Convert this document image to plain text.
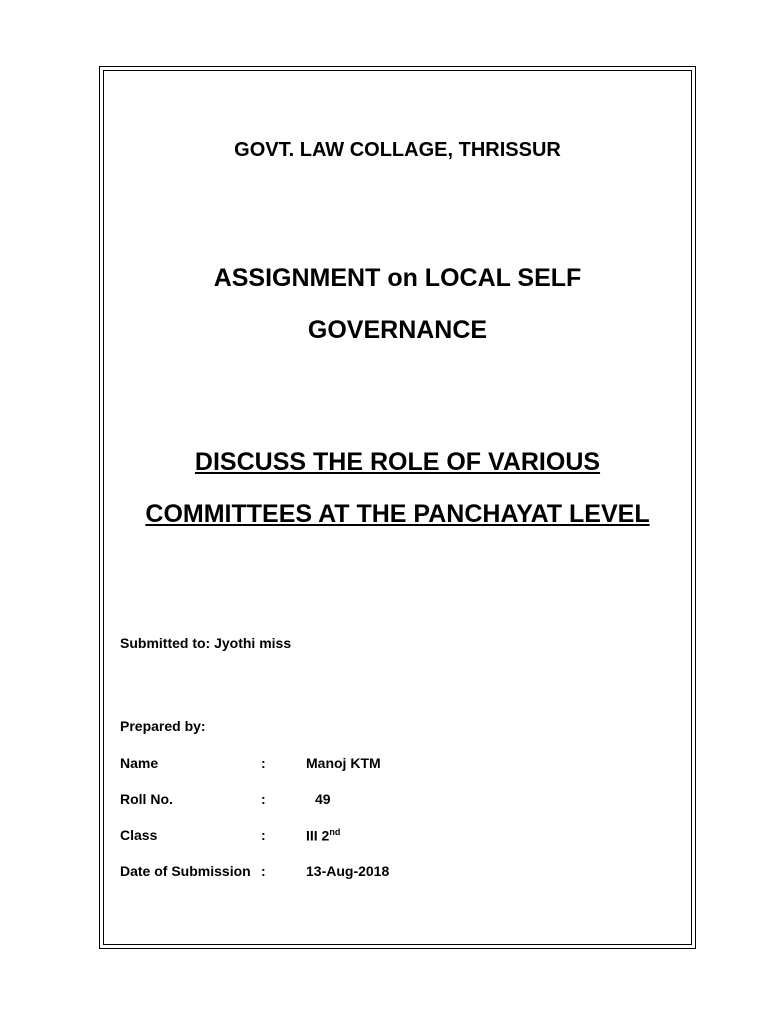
GOVT. LAW COLLAGE, THRISSUR
ASSIGNMENT on LOCAL SELF
GOVERNANCE
DISCUSS THE ROLE OF VARIOUS
COMMITTEES AT THE PANCHAYAT LEVEL
Submitted to: Jyothi miss
Prepared by:
Name	:	Manoj KTM
Roll No.	:	49
Class	:	III 2nd
Date of Submission :	13-Aug-2018
